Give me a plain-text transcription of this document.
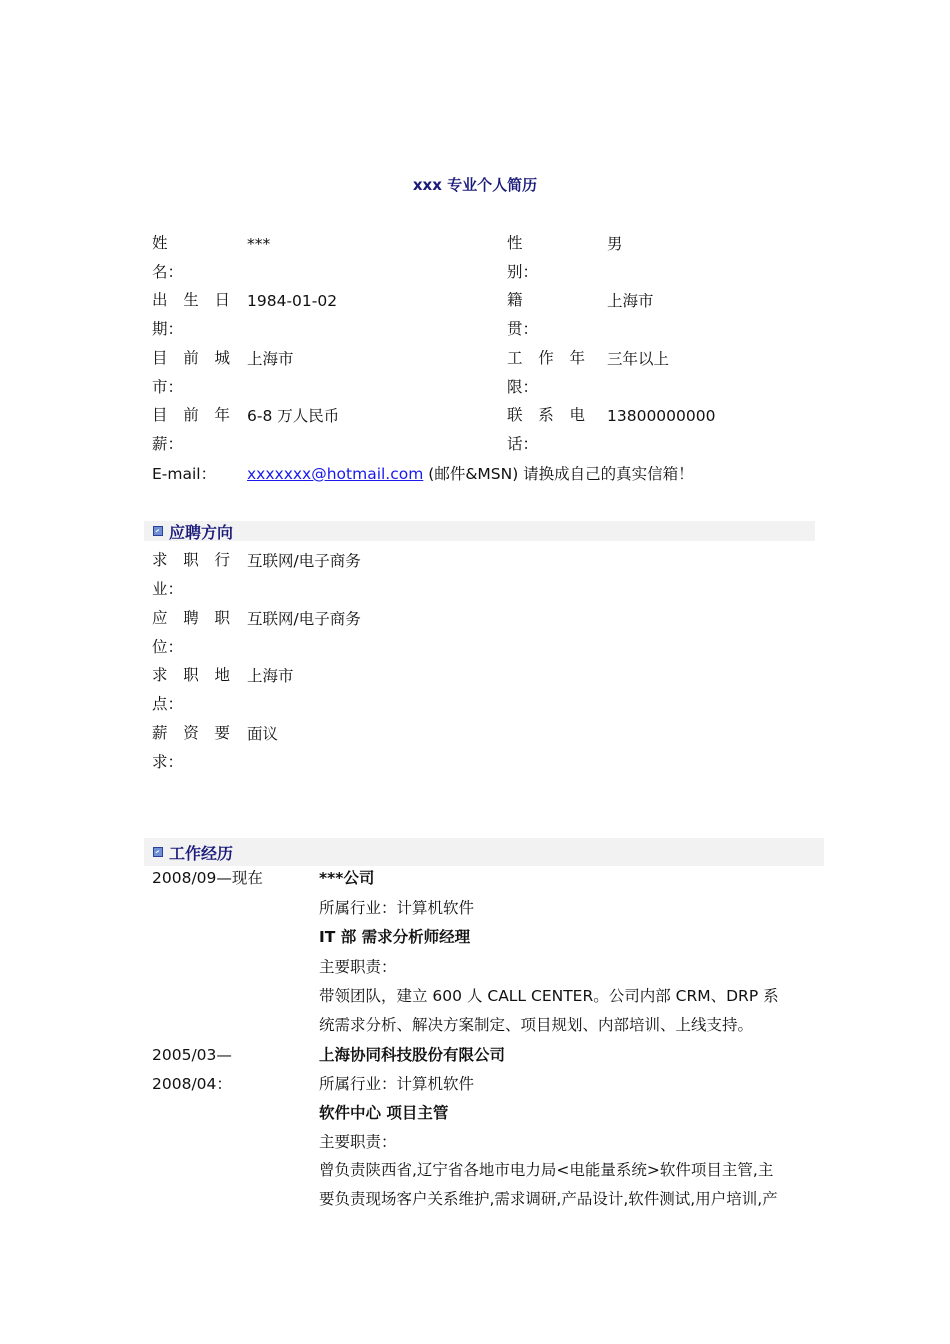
xxx 专业个人简历
姓
名：
***
出 生 日
期：
1984-01-02
目 前 城
市：
上海市
目 前 年
薪：
6-8 万人民币
性
别：
男
籍
贯：
上海市
工 作 年
限：
三年以上
联 系 电
话：
13800000000
E-mail： xxxxxxx@hotmail.com (邮件&MSN) 请换成自己的真实信箱！
应聘方向
求 职 行
业：
互联网/电子商务
应 聘 职
位：
互联网/电子商务
求 职 地
点：
上海市
薪 资 要
求：
面议
工作经历
2008/09—现在	***公司
所属行业：计算机软件
IT 部 需求分析师经理
主要职责：
带领团队，建立 600 人 CALL CENTER。公司内部 CRM、DRP 系
统需求分析、解决方案制定、项目规划、内部培训、上线支持。
2005/03—
2008/04：
上海协同科技股份有限公司
所属行业：计算机软件
软件中心 项目主管
主要职责：
曾负责陕西省,辽宁省各地市电力局<电能量系统>软件项目主管,主
要负责现场客户关系维护,需求调研,产品设计,软件测试,用户培训,产
